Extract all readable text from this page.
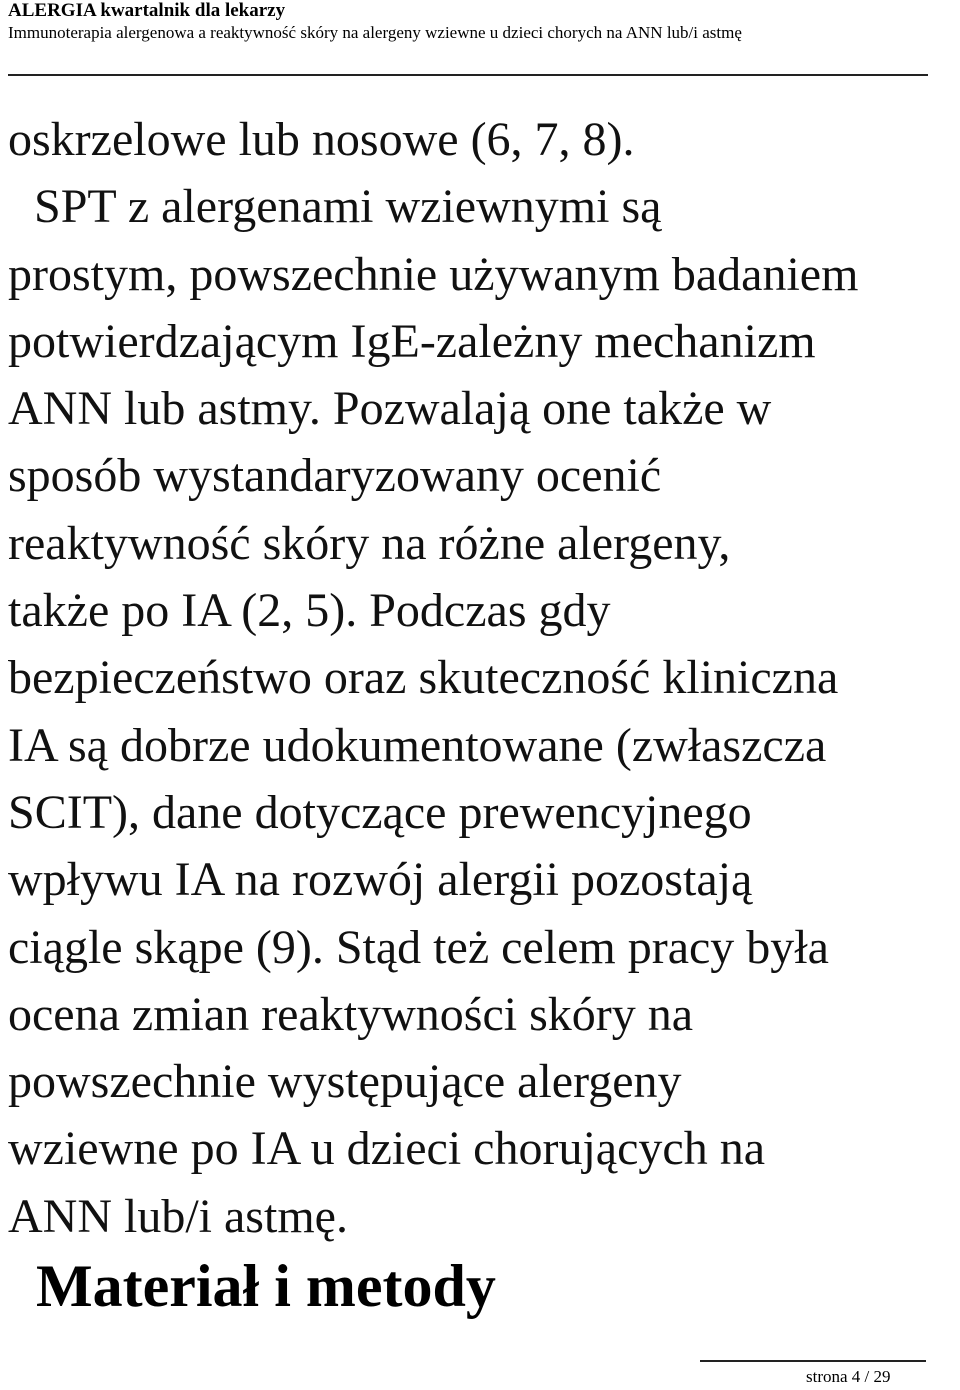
ALERGIA kwartalnik dla lekarzy
Immunoterapia alergenowa a reaktywność skóry na alergeny wziewne u dzieci chorych na ANN lub/i astmę
oskrzelowe lub nosowe (6, 7, 8).
SPT z alergenami wziewnymi są
prostym, powszechnie używanym badaniem
potwierdzającym IgE-zależny mechanizm
ANN lub astmy. Pozwalają one także w
sposób wystandaryzowany ocenić
reaktywność skóry na różne alergeny,
także po IA (2, 5). Podczas gdy
bezpieczeństwo oraz skuteczność kliniczna
IA są dobrze udokumentowane (zwłaszcza
SCIT), dane dotyczące prewencyjnego
wpływu IA na rozwój alergii pozostają
ciągle skąpe (9). Stąd też celem pracy była
ocena zmian reaktywności skóry na
powszechnie występujące alergeny
wziewne po IA u dzieci chorujących na
ANN lub/i astmę.
Materiał i metody
strona 4 / 29
